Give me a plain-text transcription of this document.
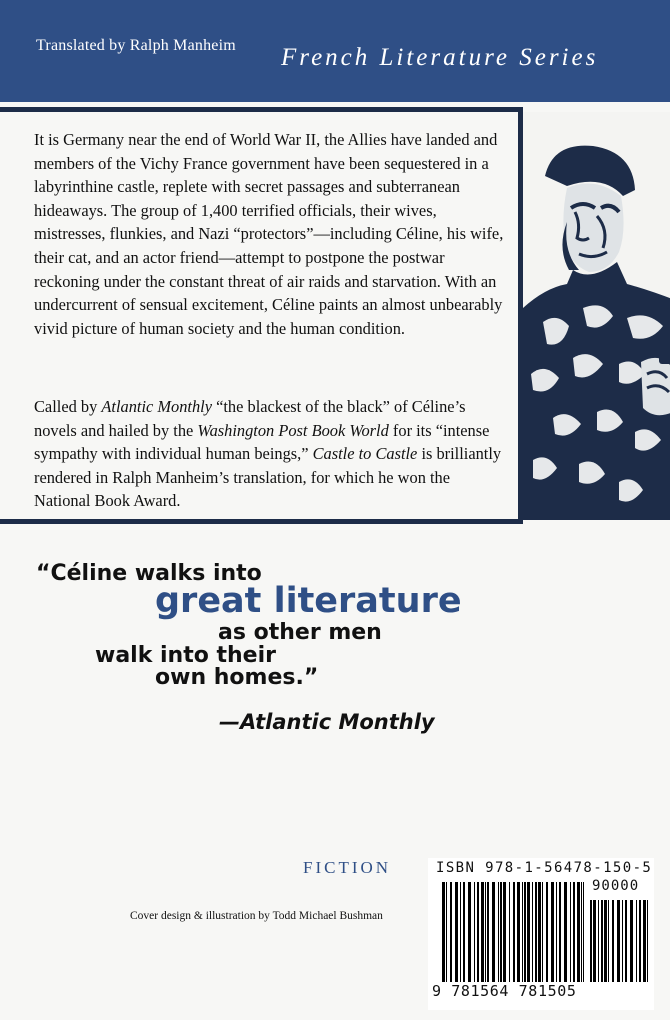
Translated by Ralph Manheim French Literature Series

It is Germany near the end of World War II, the Allies have landed and members of the Vichy France government have been sequestered in a labyrinthine castle, replete with secret passages and subterranean hideaways. The group of 1,400 terrified officials, their wives, mistresses, flunkies, and Nazi “protectors”—including Céline, his wife, their cat, and an actor friend—attempt to postpone the postwar reckoning under the constant threat of air raids and starvation. With an undercurrent of sensual excitement, Céline paints an almost unbearably vivid picture of human society and the human condition.

Called by Atlantic Monthly “the blackest of the black” of Céline’s novels and hailed by the Washington Post Book World for its “intense sympathy with individual human beings,” Castle to Castle is brilliantly rendered in Ralph Manheim’s translation, for which he won the National Book Award.

“Céline walks into
great literature
as other men
walk into their
own homes.”
—Atlantic Monthly
FICTION
Cover design & illustration by Todd Michael Bushman
ISBN 978-1-56478-150-5
90000
9 781564 781505
